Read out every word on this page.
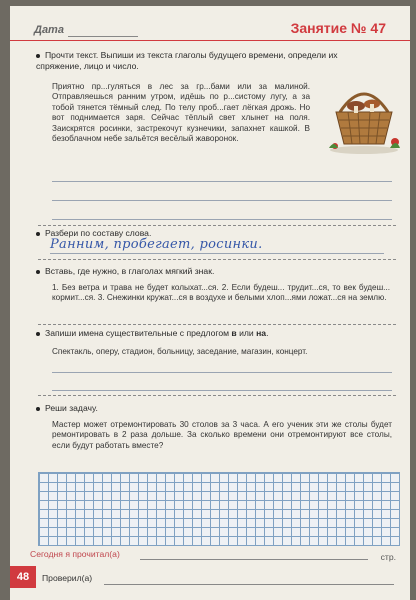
Дата	Занятие № 47
Прочти текст. Выпиши из текста глаголы будущего времени, определи их спряжение, лицо и число.
Приятно пр...гуляться в лес за гр...бами или за малиной. Отправляешься ранним утром, идёшь по р...систому лугу, а за тобой тянется тёмный след. По телу проб...гает лёгкая дрожь. Но вот поднимается заря. Сейчас тёплый свет хлынет на поля. Заискрятся росинки, застрекочут кузнечики, запахнет кашкой. В безоблачном небе зальётся весёлый жаворонок.
Разбери по составу слова.
Ранним, пробегает, росинки.
Вставь, где нужно, в глаголах мягкий знак.
1. Без ветра и трава не будет колыхат...ся. 2. Если будеш... трудит...ся, то век будеш... кормит...ся. 3. Снежинки кружат...ся в воздухе и белыми хлоп...ями ложат...ся на землю.
Запиши имена существительные с предлогом в или на.
Спектакль, оперу, стадион, больницу, заседание, магазин, концерт.
Реши задачу.
Мастер может отремонтировать 30 столов за 3 часа. А его ученик эти же столы будет ремонтировать в 2 раза дольше. За сколько времени они отремонтируют все столы, если будут работать вместе?
Сегодня я прочитал(а)	стр.
48	Проверил(а)
